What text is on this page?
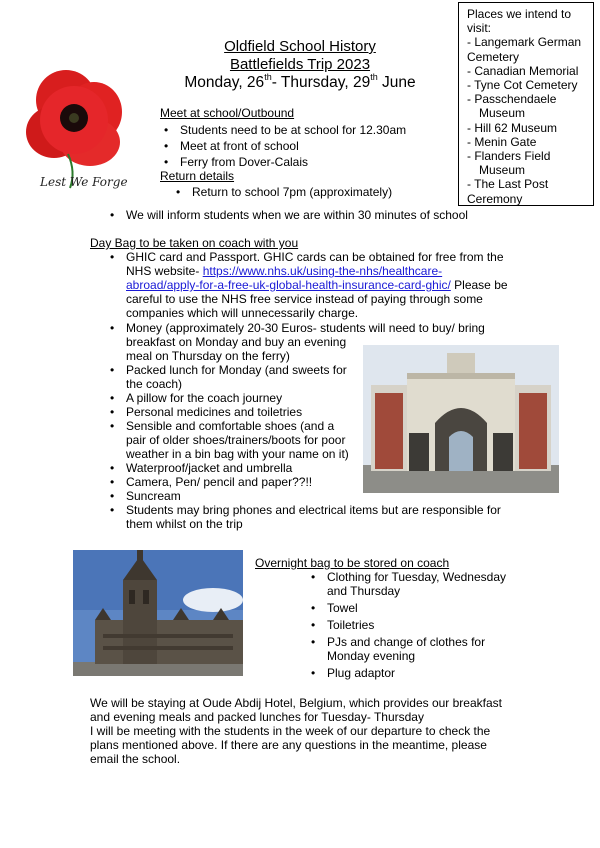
Lest We Forget
Oldfield School History
Battlefields Trip 2023
Monday, 26th- Thursday, 29th June
Places we intend to visit:
- Langemark German Cemetery
- Canadian Memorial
- Tyne Cot Cemetery
- Passchendaele
Museum
- Hill 62 Museum
- Menin Gate
- Flanders Field
Museum
- The Last Post Ceremony
Meet at school/Outbound
• Students need to be at school for 12.30am
• Meet at front of school
• Ferry from Dover-Calais
Return details
• Return to school 7pm (approximately)
• We will inform students when we are within 30 minutes of school
Day Bag to be taken on coach with you
• GHIC card and Passport. GHIC cards can be obtained for free from the NHS website- https://www.nhs.uk/using-the-nhs/healthcare-abroad/apply-for-a-free-uk-global-health-insurance-card-ghic/ Please be careful to use the NHS free service instead of paying through some companies which will unnecessarily charge.
• Money (approximately 20-30 Euros- students will need to buy/ bring
breakfast on Monday and buy an evening
meal on Thursday on the ferry)
• Packed lunch for Monday (and sweets for
the coach)
• A pillow for the coach journey
• Personal medicines and toiletries
• Sensible and comfortable shoes (and a
pair of older shoes/trainers/boots for poor
weather in a bin bag with your name on it)
• Waterproof/jacket and umbrella
• Camera, Pen/ pencil and paper??!!
• Suncream
• Students may bring phones and electrical items but are responsible for
them whilst on the trip
Overnight bag to be stored on coach
• Clothing for Tuesday, Wednesday and Thursday
• Towel
• Toiletries
• PJs and change of clothes for Monday evening
• Plug adaptor
We will be staying at Oude Abdij Hotel, Belgium, which provides our breakfast and evening meals and packed lunches for Tuesday- Thursday
I will be meeting with the students in the week of our departure to check the plans mentioned above. If there are any questions in the meantime, please email the school.
